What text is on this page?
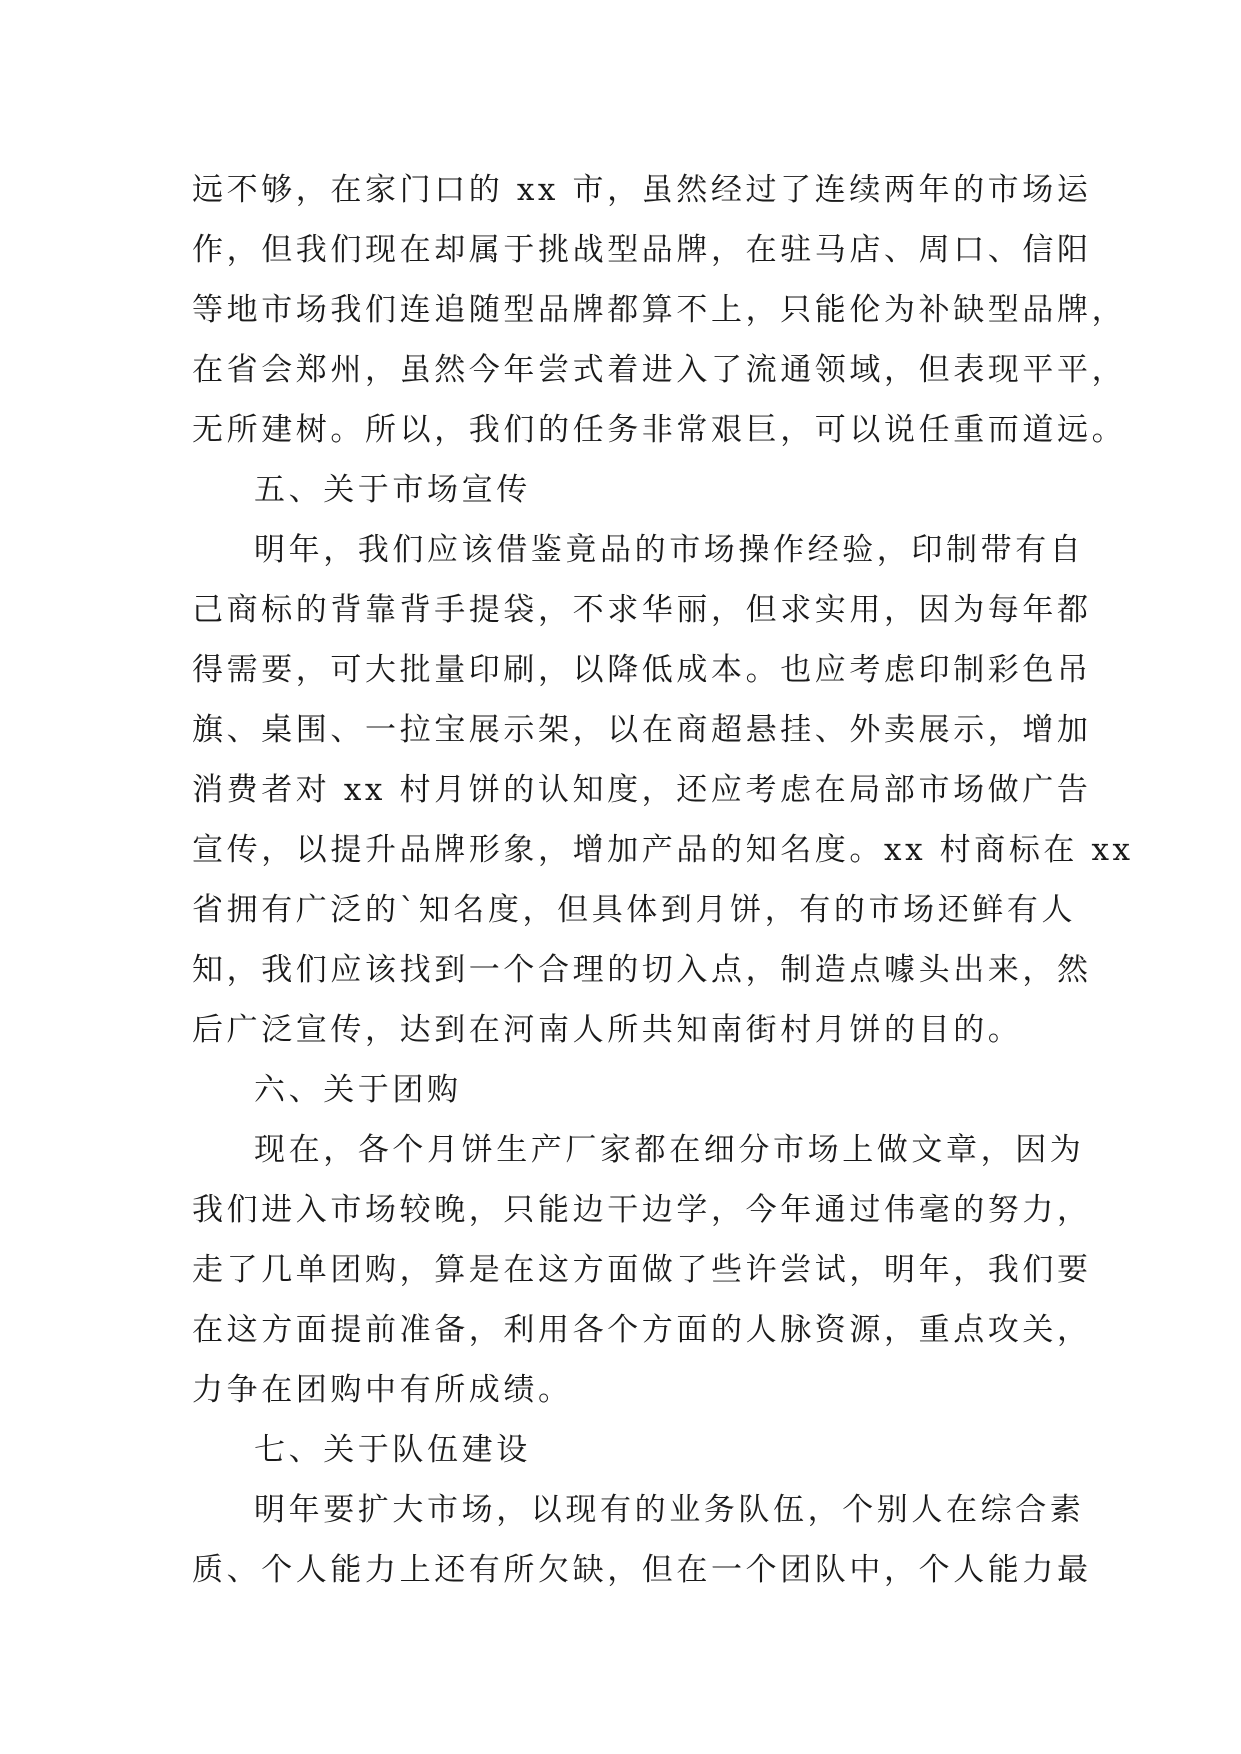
远不够，在家门口的 xx 市，虽然经过了连续两年的市场运
作，但我们现在却属于挑战型品牌，在驻马店、周口、信阳
等地市场我们连追随型品牌都算不上，只能伦为补缺型品牌，
在省会郑州，虽然今年尝式着进入了流通领域，但表现平平，
无所建树。所以，我们的任务非常艰巨，可以说任重而道远。
五、关于市场宣传
明年，我们应该借鉴竟品的市场操作经验，印制带有自
己商标的背靠背手提袋，不求华丽，但求实用，因为每年都
得需要，可大批量印刷，以降低成本。也应考虑印制彩色吊
旗、桌围、一拉宝展示架，以在商超悬挂、外卖展示，增加
消费者对 xx 村月饼的认知度，还应考虑在局部市场做广告
宣传，以提升品牌形象，增加产品的知名度。xx 村商标在 xx
省拥有广泛的`知名度，但具体到月饼，有的市场还鲜有人
知，我们应该找到一个合理的切入点，制造点噱头出来，然
后广泛宣传，达到在河南人所共知南街村月饼的目的。
六、关于团购
现在，各个月饼生产厂家都在细分市场上做文章，因为
我们进入市场较晚，只能边干边学，今年通过伟毫的努力，
走了几单团购，算是在这方面做了些许尝试，明年，我们要
在这方面提前准备，利用各个方面的人脉资源，重点攻关，
力争在团购中有所成绩。
七、关于队伍建设
明年要扩大市场，以现有的业务队伍，个别人在综合素
质、个人能力上还有所欠缺，但在一个团队中，个人能力最
